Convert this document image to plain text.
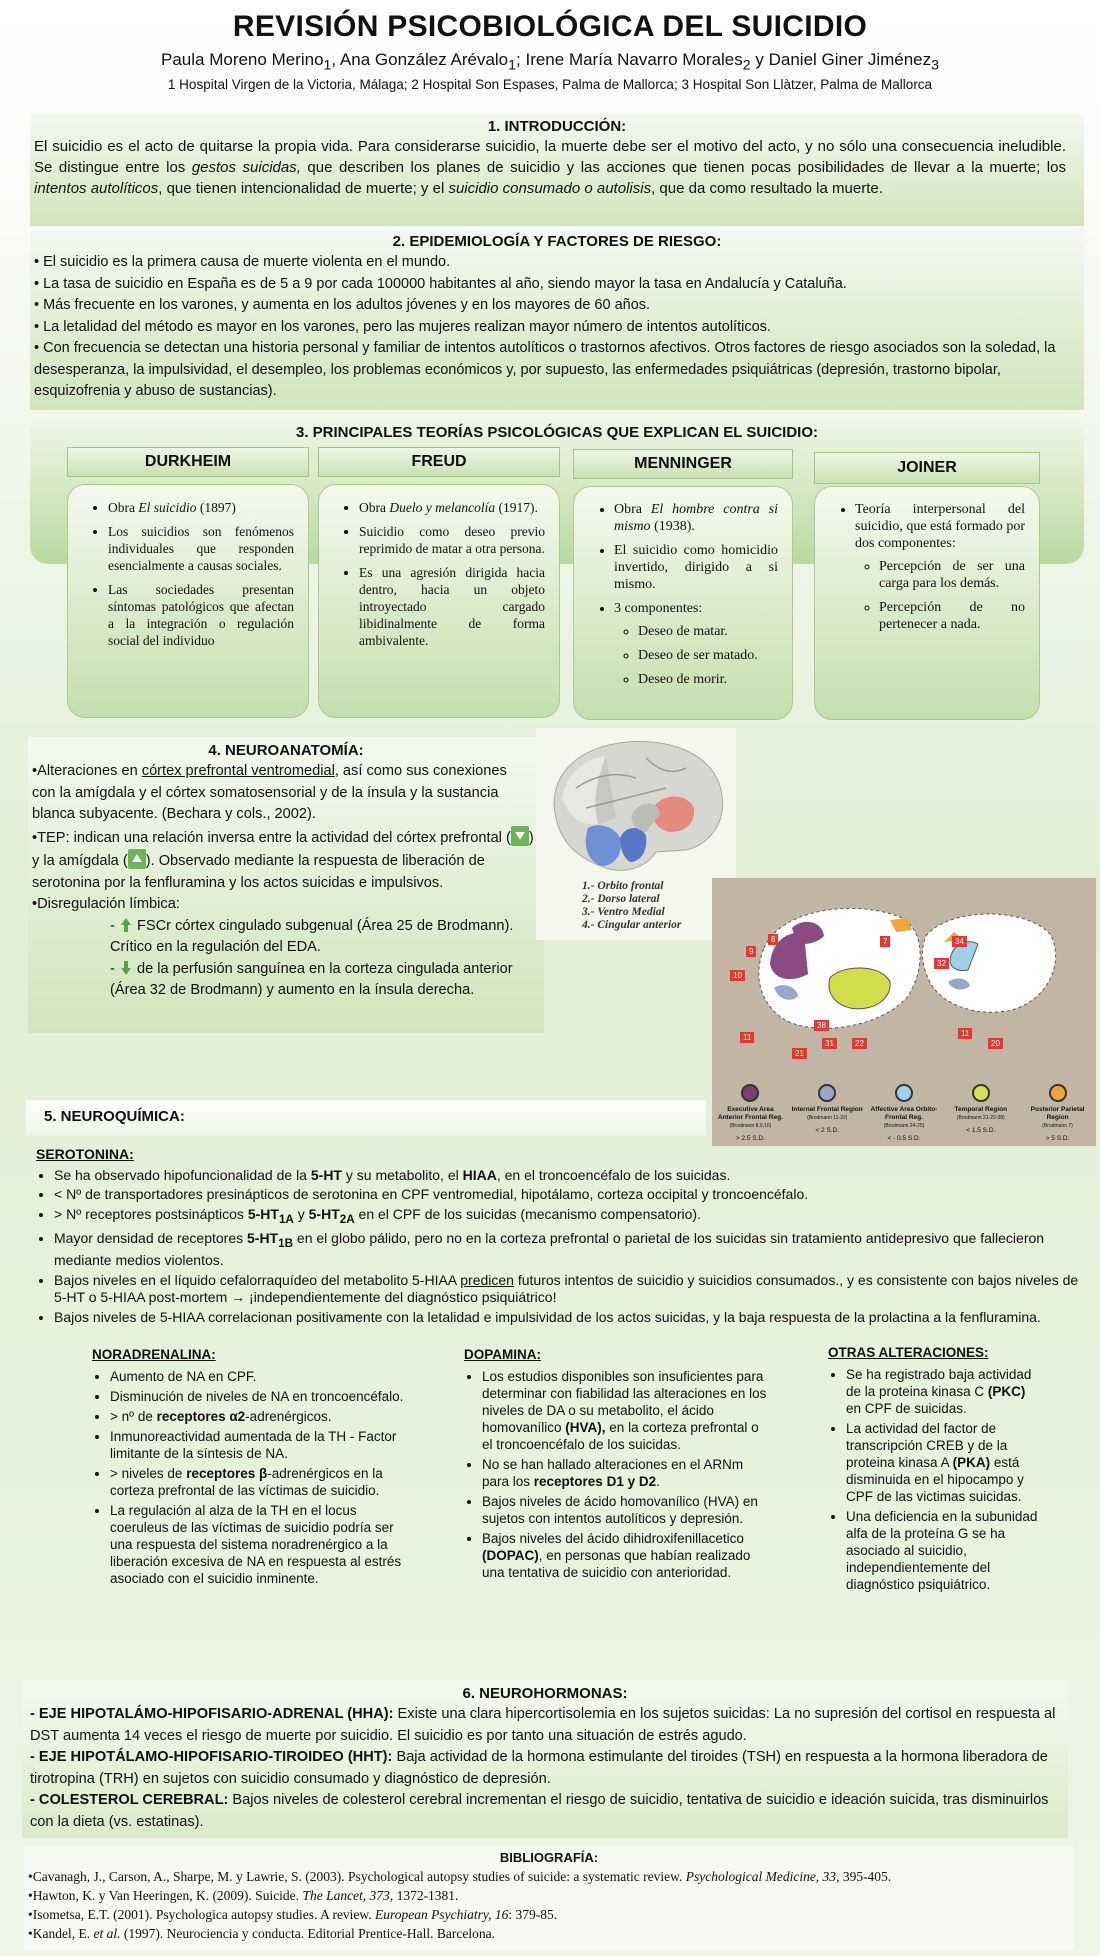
REVISIÓN PSICOBIOLÓGICA DEL SUICIDIO
Paula Moreno Merino$_1$, Ana González Arévalo$_1$; Irene María Navarro Morales$_2$ y Daniel Giner Jiménez$_3$
1 Hospital Virgen de la Victoria, Málaga; 2 Hospital Son Espases, Palma de Mallorca; 3 Hospital Son Llàtzer, Palma de Mallorca
1. INTRODUCCIÓN:

El suicidio es el acto de quitarse la propia vida. Para considerarse suicidio, la muerte debe ser el motivo del acto, y no sólo una consecuencia ineludible. Se distingue entre los gestos suicidas, que describen los planes de suicidio y las acciones que tienen pocas posibilidades de llevar a la muerte; los intentos autolíticos, que tienen intencionalidad de muerte; y el suicidio consumado o autolisis, que da como resultado la muerte.

2. EPIDEMIOLOGÍA Y FACTORES DE RIESGO:
• El suicidio es la primera causa de muerte violenta en el mundo.
• La tasa de suicidio en España es de 5 a 9 por cada 100000 habitantes al año, siendo mayor la tasa en Andalucía y Cataluña.
• Más frecuente en los varones, y aumenta en los adultos jóvenes y en los mayores de 60 años.
• La letalidad del método es mayor en los varones, pero las mujeres realizan mayor número de intentos autolíticos.
• Con frecuencia se detectan una historia personal y familiar de intentos autolíticos o trastornos afectivos. Otros factores de riesgo asociados son la soledad, la desesperanza, la impulsividad, el desempleo, los problemas económicos y, por supuesto, las enfermedades psiquiátricas (depresión, trastorno bipolar, esquizofrenia y abuso de sustancias).
3. PRINCIPALES TEORÍAS PSICOLÓGICAS QUE EXPLICAN EL SUICIDIO:
DURKHEIM
• Obra El suicidio (1897)
• Los suicidios son fenómenos individuales que responden esencialmente a causas sociales.
• Las sociedades presentan síntomas patológicos que afectan a la integración o regulación social del individuo
FREUD
• Obra Duelo y melancolía (1917).
• Suicidio como deseo previo reprimido de matar a otra persona.
• Es una agresión dirigida hacia dentro, hacia un objeto introyectado cargado libidinalmente de forma ambivalente.
MENNINGER
• Obra El hombre contra si mismo (1938).
• El suicidio como homicidio invertido, dirigido a si mismo.
• 3 componentes:
◦ Deseo de matar.
◦ Deseo de ser matado.
◦ Deseo de morir.
JOINER
• Teoría interpersonal del suicidio, que está formado por dos componentes:
◦ Percepción de ser una carga para los demás.
◦ Percepción de no pertenecer a nada.
4. NEUROANATOMÍA:
•Alteraciones en córtex prefrontal ventromedial, así como sus conexiones con la amígdala y el córtex somatosensorial y de la ínsula y la sustancia blanca subyacente. (Bechara y cols., 2002).
•TEP: indican una relación inversa entre la actividad del córtex prefrontal ( ) y la amígdala ( ). Observado mediante la respuesta de liberación de serotonina por la fenfluramina y los actos suicidas e impulsivos.
•Disregulación límbica:
-  FSCr córtex cingulado subgenual (Área 25 de Brodmann). Crítico en la regulación del EDA.
-  de la perfusión sanguínea en la corteza cingulada anterior (Área 32 de Brodmann) y aumento en la ínsula derecha.
1.- Orbito frontal
2.- Dorso lateral
3.- Ventro Medial
4.- Cingular anterior
8
9
10
11
7	34
32
31
21
38
22	20
11
Executive Area Anterior Frontal Reg.
(Brodmann 8,9,10)
> 2.5 S.D.
Internal Frontal Region
(Brodmann 11-32)
< 2 S.D.
Affective Area Orbito-Frontal Reg.
(Brodmann 24-25)
< - 0.5 S.D.
Temporal Region
(Brodmann 21-22-38)
< 1.5 S.D.
Posterior Parietal Region
(Brodmann 7)
> 5 S.D.
5. NEUROQUÍMICA:
SEROTONINA:
• Se ha observado hipofuncionalidad de la 5-HT y su metabolito, el HIAA, en el troncoencéfalo de los suicidas.
• < Nº de transportadores presinápticos de serotonina en CPF ventromedial, hipotálamo, corteza occipital y troncoencéfalo.
• > Nº receptores postsinápticos $5-HT_{1A}$ y $5-HT_{2A}$ en el CPF de los suicidas (mecanismo compensatorio).
• Mayor densidad de receptores $5-HT_{1B}$ en el globo pálido, pero no en la corteza prefrontal o parietal de los suicidas sin tratamiento antidepresivo que fallecieron mediante medios violentos.
• Bajos niveles en el líquido cefalorraquídeo del metabolito 5-HIAA predicen futuros intentos de suicidio y suicidios consumados., y es consistente con bajos niveles de 5-HT o 5-HIAA post-mortem → ¡independientemente del diagnóstico psiquiátrico!
• Bajos niveles de 5-HIAA correlacionan positivamente con la letalidad e impulsividad de los actos suicidas, y la baja respuesta de la prolactina a la fenfluramina.
NORADRENALINA:
• Aumento de NA en CPF.
• Disminución de niveles de NA en troncoencéfalo.
• > nº de receptores α2-adrenérgicos.
• Inmunoreactividad aumentada de la TH - Factor limitante de la síntesis de NA.
• > niveles de receptores β-adrenérgicos en la corteza prefrontal de las víctimas de suicidio.
• La regulación al alza de la TH en el locus coeruleus de las víctimas de suicidio podría ser una respuesta del sistema noradrenérgico a la liberación excesiva de NA en respuesta al estrés asociado con el suicidio inminente.
DOPAMINA:
• Los estudios disponibles son insuficientes para determinar con fiabilidad las alteraciones en los niveles de DA o su metabolito, el ácido homovanílico (HVA), en la corteza prefrontal o el troncoencéfalo de los suicidas.
• No se han hallado alteraciones en el ARNm para los receptores D1 y D2.
• Bajos niveles de ácido homovanílico (HVA) en sujetos con intentos autolíticos y depresión.
• Bajos niveles del ácido dihidroxifenillacetico (DOPAC), en personas que habían realizado una tentativa de suicidio con anterioridad.
OTRAS ALTERACIONES:
• Se ha registrado baja actividad de la proteina kinasa C (PKC) en CPF de suicidas.
• La actividad del factor de transcripción CREB y de la proteina kinasa A (PKA) está disminuida en el hipocampo y CPF de las victimas suicidas.
• Una deficiencia en la subunidad alfa de la proteína G se ha asociado al suicidio, independientemente del diagnóstico psiquiátrico.
6. NEUROHORMONAS:
- EJE HIPOTALÁMO-HIPOFISARIO-ADRENAL (HHA): Existe una clara hipercortisolemia en los sujetos suicidas: La no supresión del cortisol en respuesta al DST aumenta 14 veces el riesgo de muerte por suicidio. El suicidio es por tanto una situación de estrés agudo.
- EJE HIPOTÁLAMO-HIPOFISARIO-TIROIDEO (HHT): Baja actividad de la hormona estimulante del tiroides (TSH) en respuesta a la hormona liberadora de tirotropina (TRH) en sujetos con suicidio consumado y diagnóstico de depresión.
- COLESTEROL CEREBRAL: Bajos niveles de colesterol cerebral incrementan el riesgo de suicidio, tentativa de suicidio e ideación suicida, tras disminuirlos con la dieta (vs. estatinas).
BIBLIOGRAFÍA:

•Cavanagh, J., Carson, A., Sharpe, M. y Lawrie, S. (2003). Psychological autopsy studies of suicide: a systematic review. Psychological Medicine, 33, 395-405.

•Hawton, K. y Van Heeringen, K. (2009). Suicide. The Lancet, 373, 1372-1381.

•Isometsa, E.T. (2001). Psychologica autopsy studies. A review. European Psychiatry, 16: 379-85.

•Kandel, E. et al. (1997). Neurociencia y conducta. Editorial Prentice-Hall. Barcelona.
